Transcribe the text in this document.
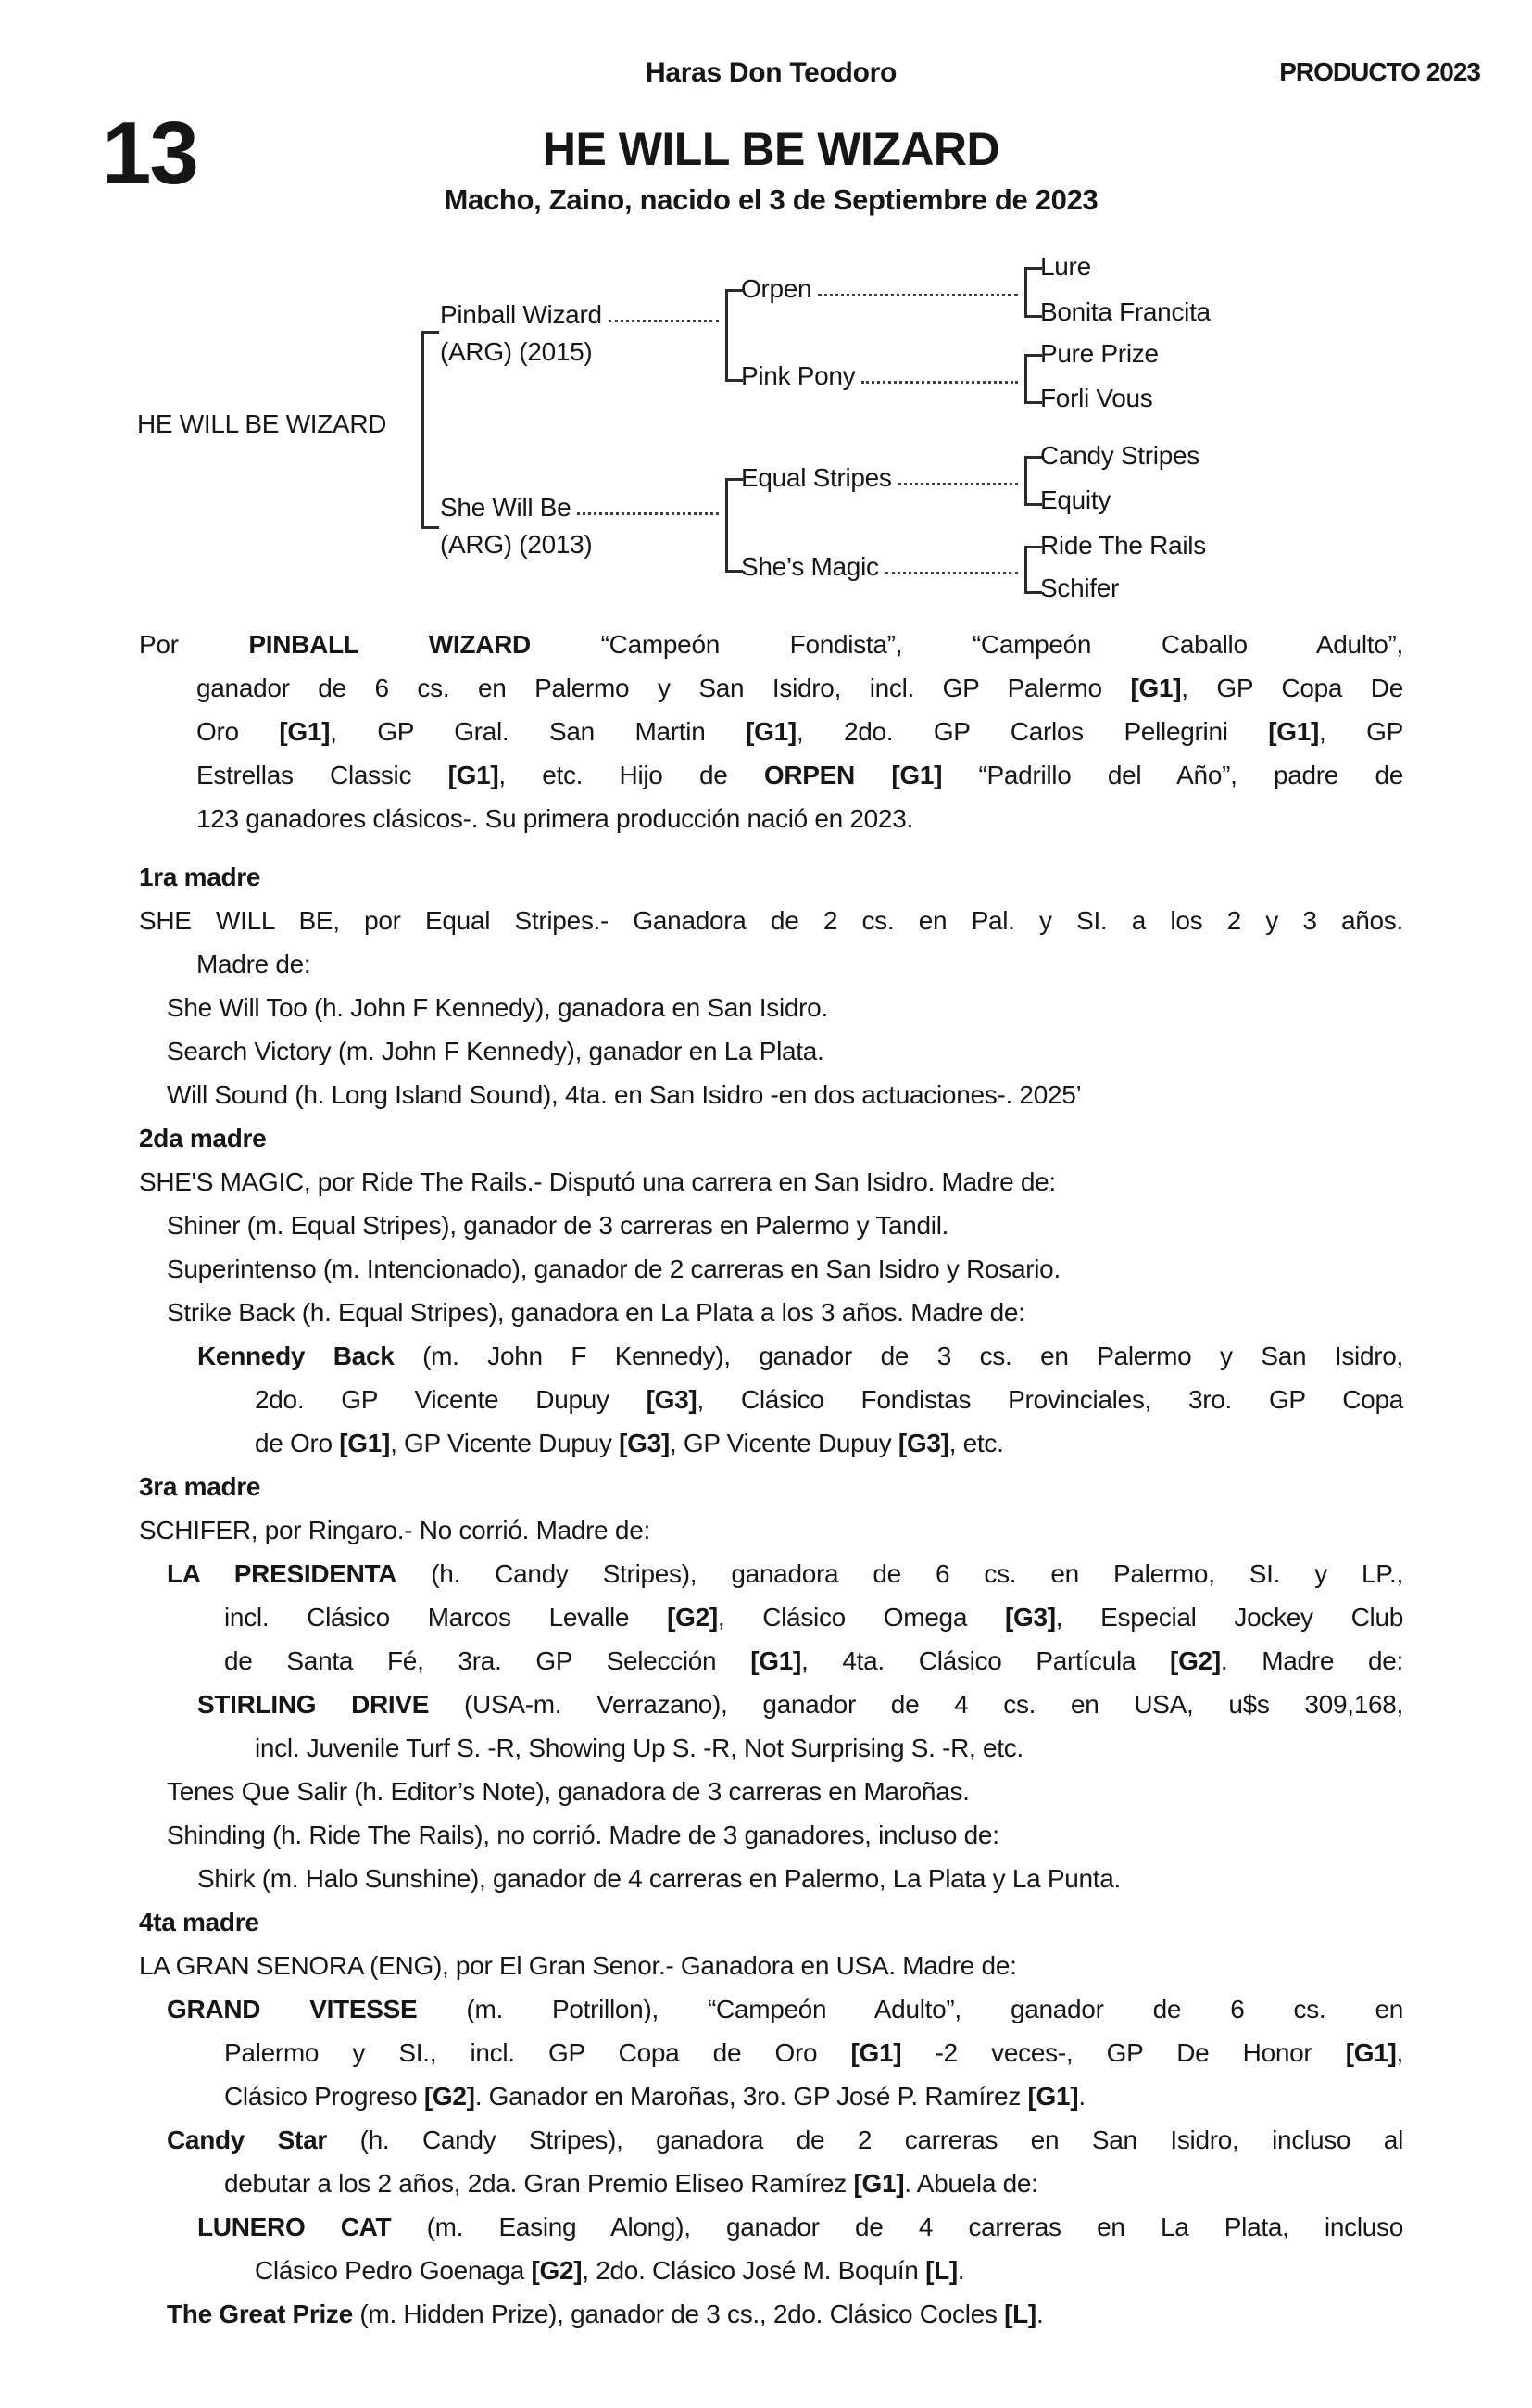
Haras Don Teodoro	PRODUCTO 2023
13	HE WILL BE WIZARD
Macho, Zaino, nacido el 3 de Septiembre de 2023
HE WILL BE WIZARD
Pinball Wizard
(ARG) (2015)
She Will Be
(ARG) (2013)
Orpen
Pink Pony
Equal Stripes
She’s Magic
Lure
Bonita Francita
Pure Prize
Forli Vous
Candy Stripes
Equity
Ride The Rails
Schifer
Por PINBALL WIZARD “Campeón Fondista”, “Campeón Caballo Adulto”,
ganador de 6 cs. en Palermo y San Isidro, incl. GP Palermo [G1], GP Copa De
Oro [G1], GP Gral. San Martin [G1], 2do. GP Carlos Pellegrini [G1], GP
Estrellas Classic [G1], etc. Hijo de ORPEN [G1] “Padrillo del Año”, padre de
123 ganadores clásicos-. Su primera producción nació en 2023.
1ra madre
SHE WILL BE, por Equal Stripes.- Ganadora de 2 cs. en Pal. y SI. a los 2 y 3 años.
Madre de:
She Will Too (h. John F Kennedy), ganadora en San Isidro.
Search Victory (m. John F Kennedy), ganador en La Plata.
Will Sound (h. Long Island Sound), 4ta. en San Isidro -en dos actuaciones-. 2025’
2da madre
SHE'S MAGIC, por Ride The Rails.- Disputó una carrera en San Isidro. Madre de:
Shiner (m. Equal Stripes), ganador de 3 carreras en Palermo y Tandil.
Superintenso (m. Intencionado), ganador de 2 carreras en San Isidro y Rosario.
Strike Back (h. Equal Stripes), ganadora en La Plata a los 3 años. Madre de:
Kennedy Back (m. John F Kennedy), ganador de 3 cs. en Palermo y San Isidro,
2do. GP Vicente Dupuy [G3], Clásico Fondistas Provinciales, 3ro. GP Copa
de Oro [G1], GP Vicente Dupuy [G3], GP Vicente Dupuy [G3], etc.
3ra madre
SCHIFER, por Ringaro.- No corrió. Madre de:
LA PRESIDENTA (h. Candy Stripes), ganadora de 6 cs. en Palermo, SI. y LP.,
incl. Clásico Marcos Levalle [G2], Clásico Omega [G3], Especial Jockey Club
de Santa Fé, 3ra. GP Selección [G1], 4ta. Clásico Partícula [G2]. Madre de:
STIRLING DRIVE (USA-m. Verrazano), ganador de 4 cs. en USA, u$s 309,168,
incl. Juvenile Turf S. -R, Showing Up S. -R, Not Surprising S. -R, etc.
Tenes Que Salir (h. Editor’s Note), ganadora de 3 carreras en Maroñas.
Shinding (h. Ride The Rails), no corrió. Madre de 3 ganadores, incluso de:
Shirk (m. Halo Sunshine), ganador de 4 carreras en Palermo, La Plata y La Punta.
4ta madre
LA GRAN SENORA (ENG), por El Gran Senor.- Ganadora en USA. Madre de:
GRAND VITESSE (m. Potrillon), “Campeón Adulto”, ganador de 6 cs. en
Palermo y SI., incl. GP Copa de Oro [G1] -2 veces-, GP De Honor [G1],
Clásico Progreso [G2]. Ganador en Maroñas, 3ro. GP José P. Ramírez [G1].
Candy Star (h. Candy Stripes), ganadora de 2 carreras en San Isidro, incluso al
debutar a los 2 años, 2da. Gran Premio Eliseo Ramírez [G1]. Abuela de:
LUNERO CAT (m. Easing Along), ganador de 4 carreras en La Plata, incluso
Clásico Pedro Goenaga [G2], 2do. Clásico José M. Boquín [L].
The Great Prize (m. Hidden Prize), ganador de 3 cs., 2do. Clásico Cocles [L].
